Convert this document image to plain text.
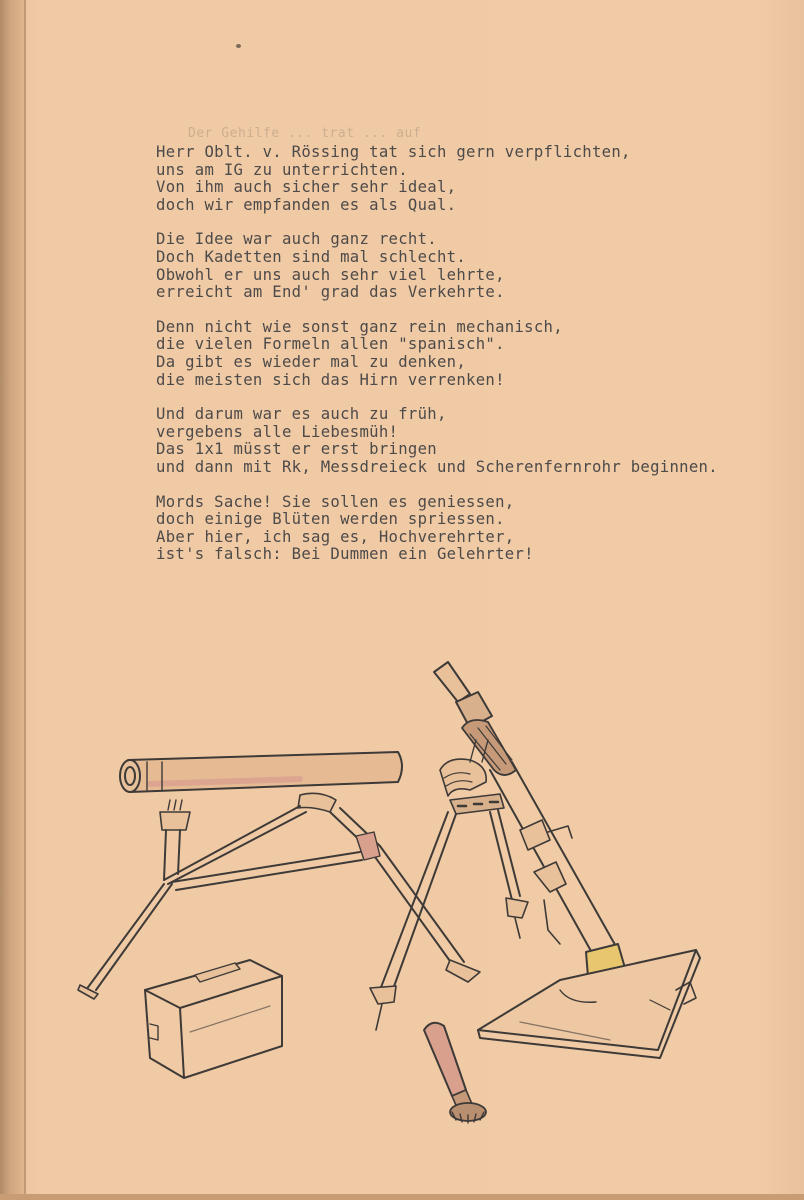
Der Gehilfe ... trat ... auf
Herr Oblt. v. Rössing tat sich gern verpflichten,
uns am IG zu unterrichten.
Von ihm auch sicher sehr ideal,
doch wir empfanden es als Qual.
Die Idee war auch ganz recht.
Doch Kadetten sind mal schlecht.
Obwohl er uns auch sehr viel lehrte,
erreicht am End' grad das Verkehrte.
Denn nicht wie sonst ganz rein mechanisch,
die vielen Formeln allen "spanisch".
Da gibt es wieder mal zu denken,
die meisten sich das Hirn verrenken!
Und darum war es auch zu früh,
vergebens alle Liebesmüh!
Das 1x1 müsst er erst bringen
und dann mit Rk, Messdreieck und Scherenfernrohr beginnen.
Mords Sache! Sie sollen es geniessen,
doch einige Blüten werden spriessen.
Aber hier, ich sag es, Hochverehrter,
ist's falsch: Bei Dummen ein Gelehrter!
